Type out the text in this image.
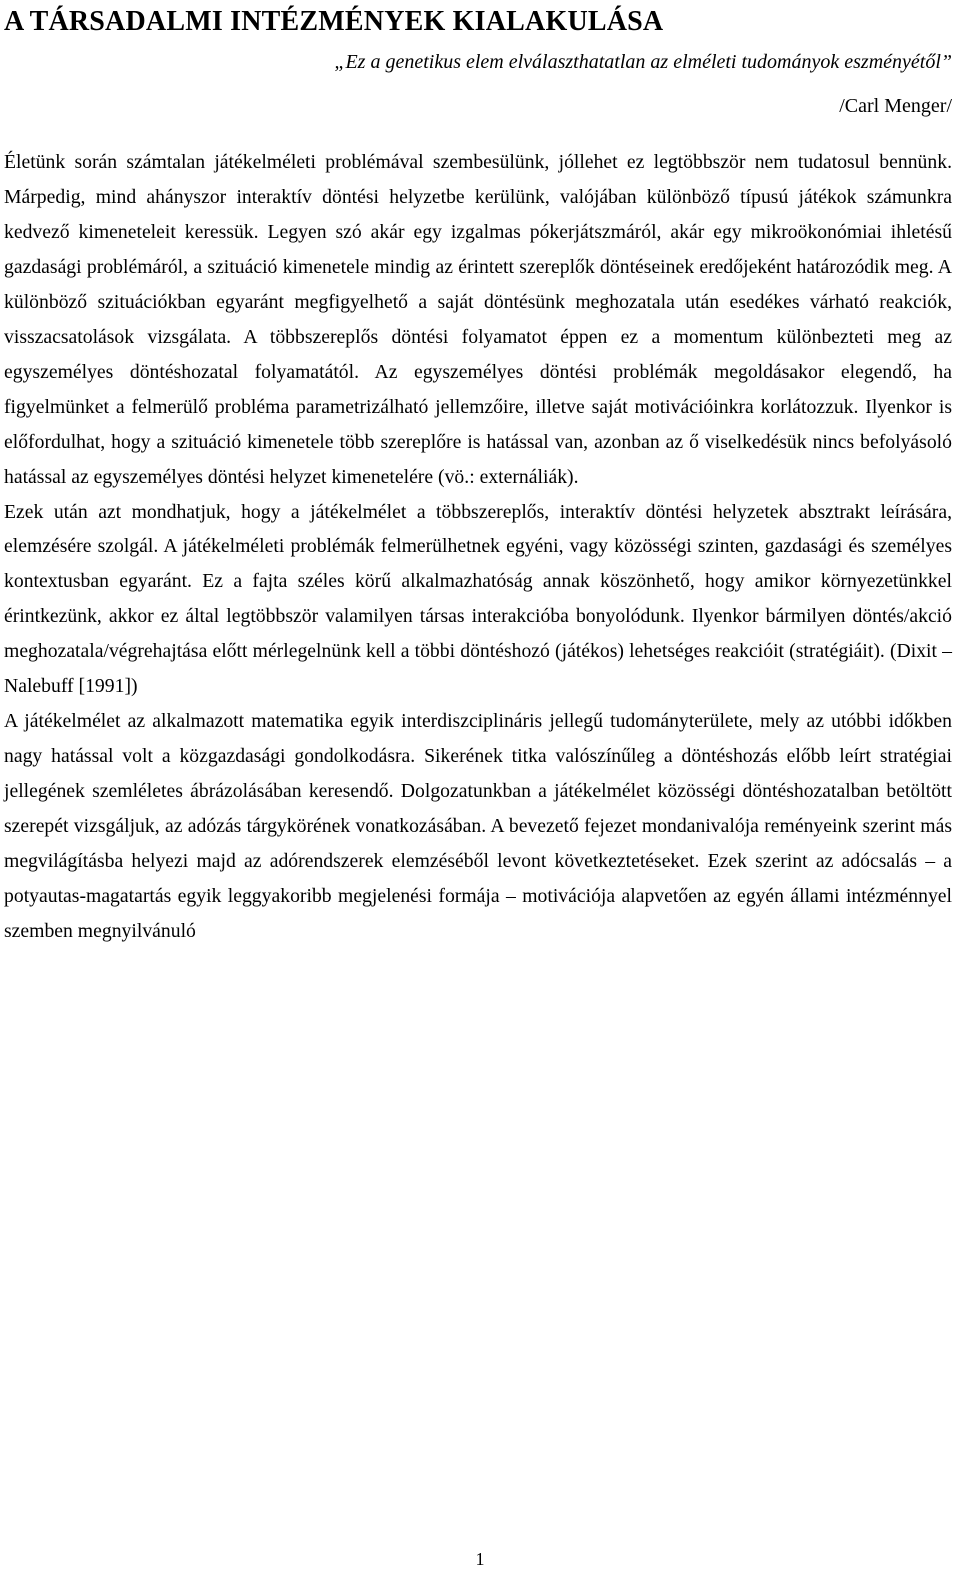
A TÁRSADALMI INTÉZMÉNYEK KIALAKULÁSA
„Ez a genetikus elem elválaszthatatlan az elméleti tudományok eszményétől”
/Carl Menger/

Életünk során számtalan játékelméleti problémával szembesülünk, jóllehet ez legtöbbször nem tudatosul bennünk. Márpedig, mind ahányszor interaktív döntési helyzetbe kerülünk, valójában különböző típusú játékok számunkra kedvező kimeneteleit keressük. Legyen szó akár egy izgalmas pókerjátszmáról, akár egy mikroökonómiai ihletésű gazdasági problémáról, a szituáció kimenetele mindig az érintett szereplők döntéseinek eredőjeként határozódik meg. A különböző szituációkban egyaránt megfigyelhető a saját döntésünk meghozatala után esedékes várható reakciók, visszacsatolások vizsgálata. A többszereplős döntési folyamatot éppen ez a momentum különbezteti meg az egyszemélyes döntéshozatal folyamatától. Az egyszemélyes döntési problémák megoldásakor elegendő, ha figyelmünket a felmerülő probléma parametrizálható jellemzőire, illetve saját motivációinkra korlátozzuk. Ilyenkor is előfordulhat, hogy a szituáció kimenetele több szereplőre is hatással van, azonban az ő viselkedésük nincs befolyásoló hatással az egyszemélyes döntési helyzet kimenetelére (vö.: externáliák).

Ezek után azt mondhatjuk, hogy a játékelmélet a többszereplős, interaktív döntési helyzetek absztrakt leírására, elemzésére szolgál. A játékelméleti problémák felmerülhetnek egyéni, vagy közösségi szinten, gazdasági és személyes kontextusban egyaránt. Ez a fajta széles körű alkalmazhatóság annak köszönhető, hogy amikor környezetünkkel érintkezünk, akkor ez által legtöbbször valamilyen társas interakcióba bonyolódunk. Ilyenkor bármilyen döntés/akció meghozatala/végrehajtása előtt mérlegelnünk kell a többi döntéshozó (játékos) lehetséges reakcióit (stratégiáit). (Dixit – Nalebuff [1991])

A játékelmélet az alkalmazott matematika egyik interdiszciplináris jellegű tudományterülete, mely az utóbbi időkben nagy hatással volt a közgazdasági gondolkodásra. Sikerének titka valószínűleg a döntéshozás előbb leírt stratégiai jellegének szemléletes ábrázolásában keresendő. Dolgozatunkban a játékelmélet közösségi döntéshozatalban betöltött szerepét vizsgáljuk, az adózás tárgykörének vonatkozásában. A bevezető fejezet mondanivalója reményeink szerint más megvilágításba helyezi majd az adórendszerek elemzéséből levont következtetéseket. Ezek szerint az adócsalás – a potyautas-magatartás egyik leggyakoribb megjelenési formája – motivációja alapvetően az egyén állami intézménnyel szemben megnyilvánuló

1
